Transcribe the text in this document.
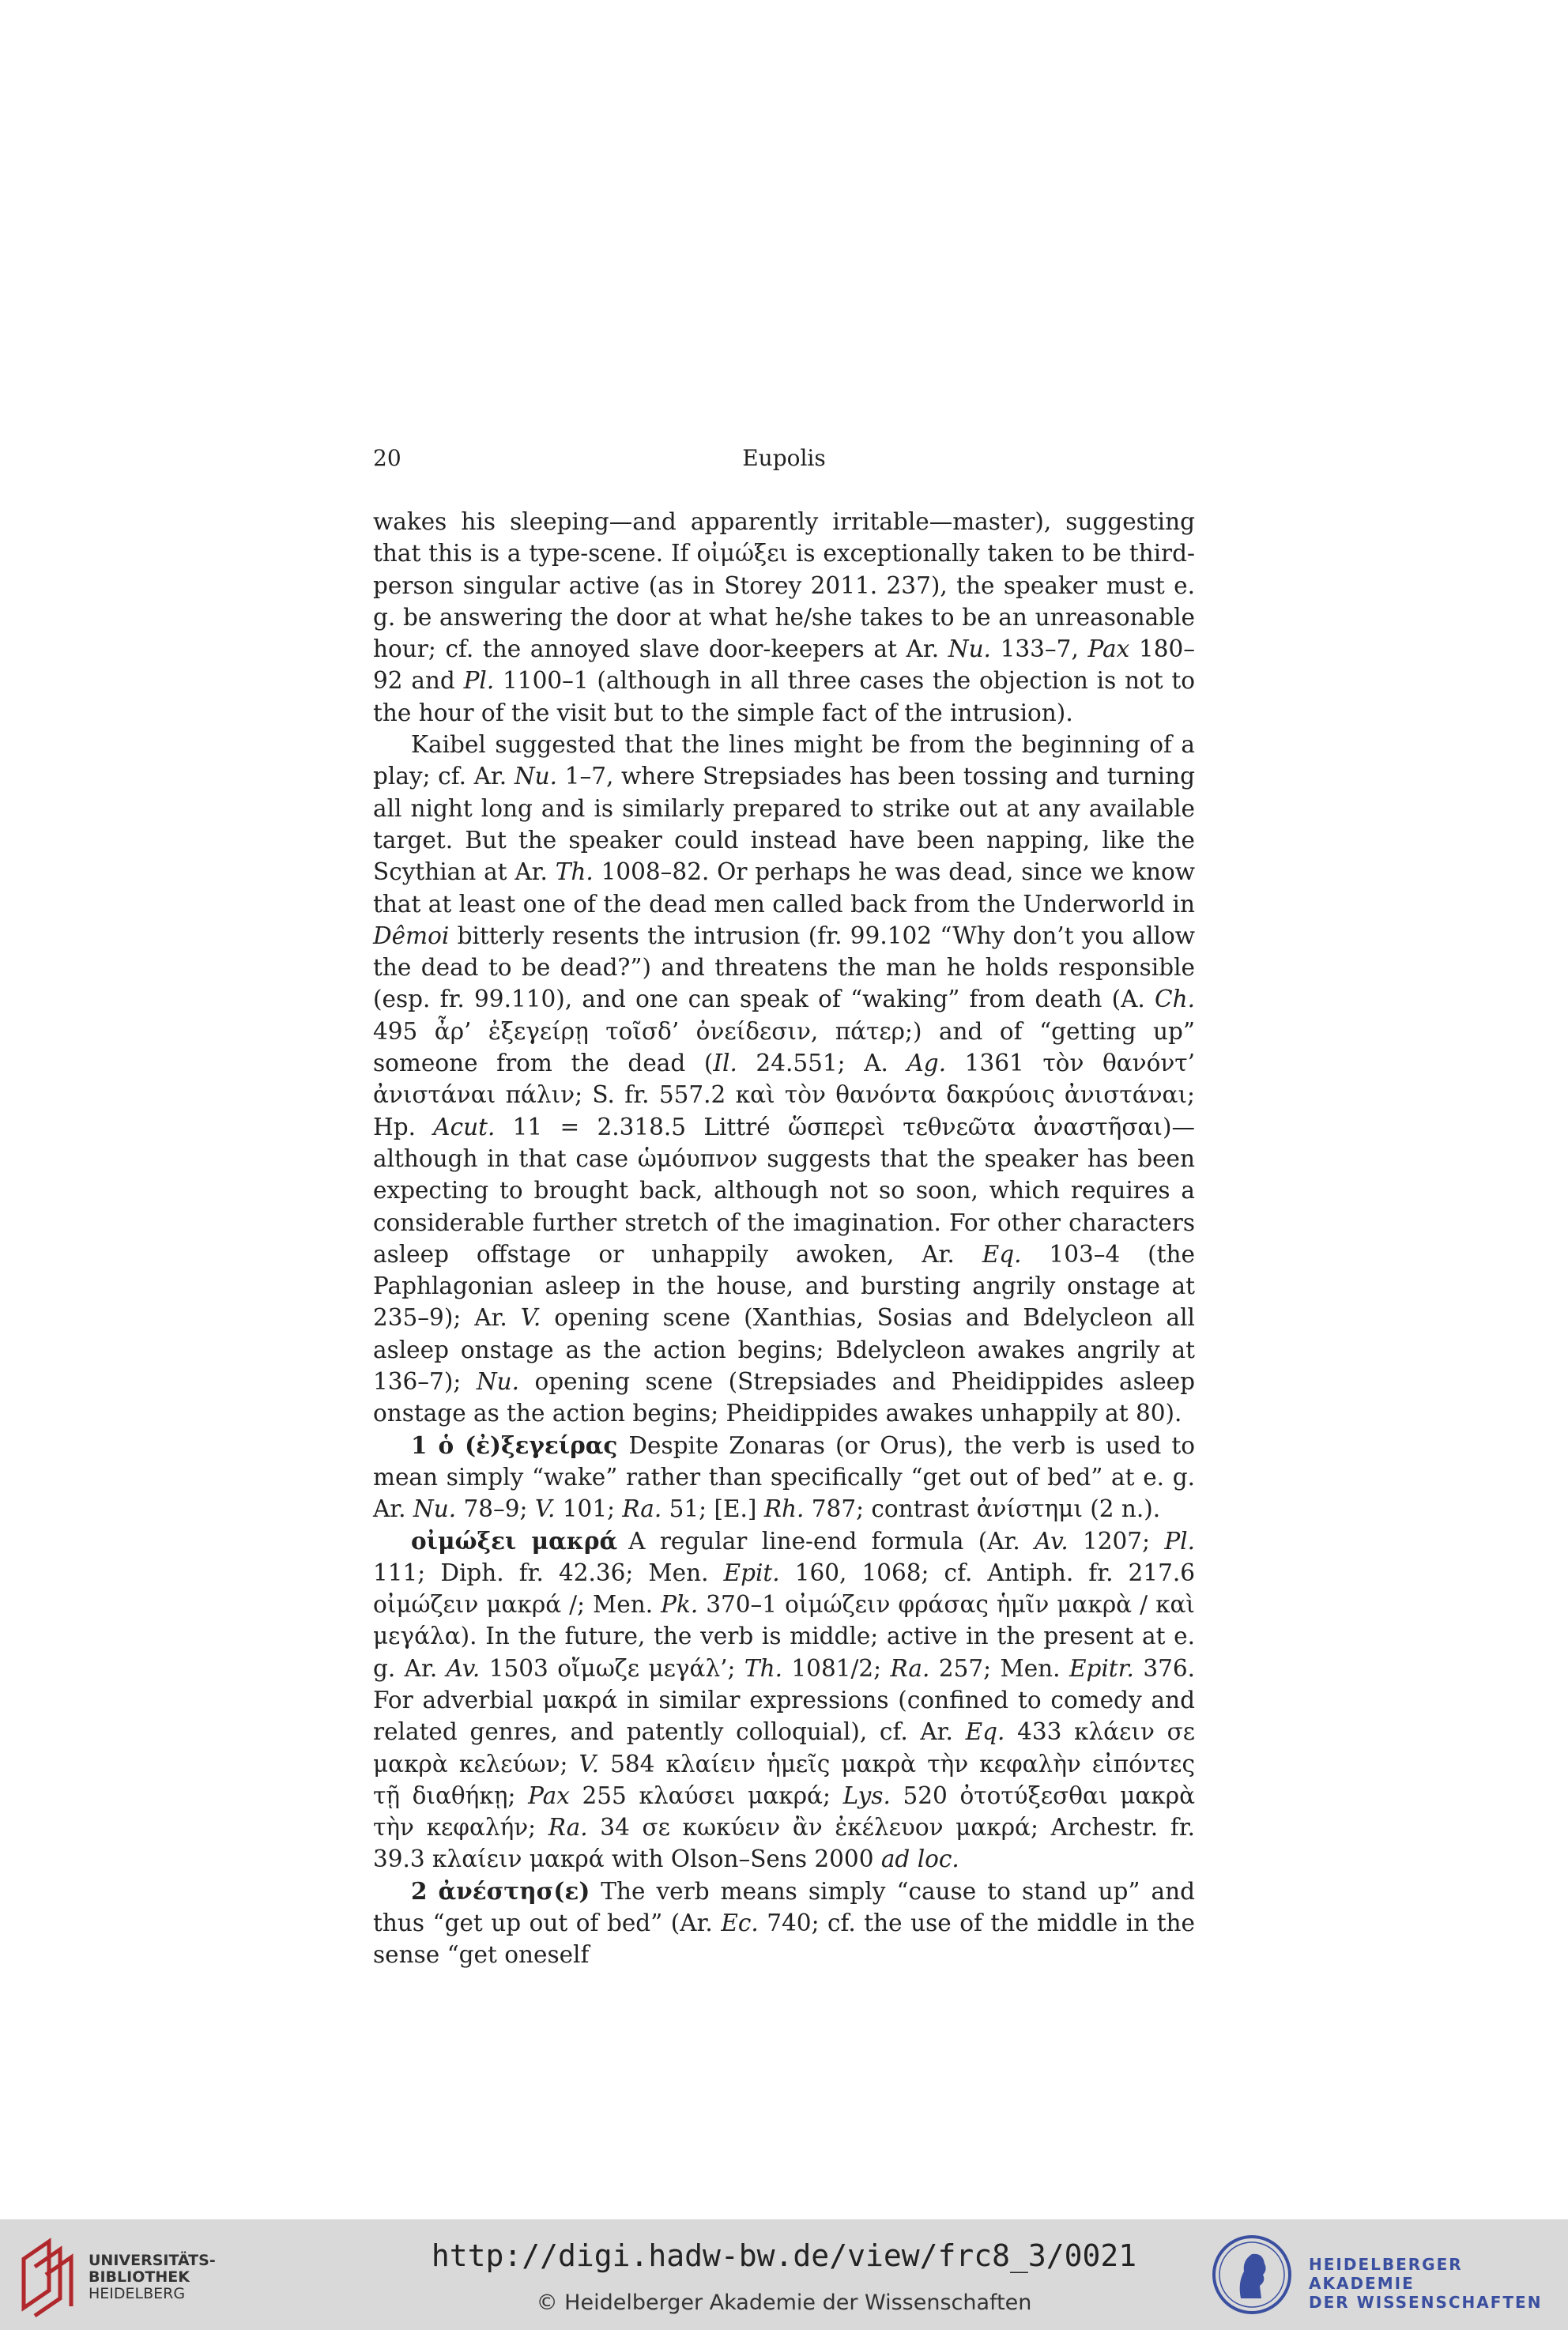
20	Eupolis

wakes his sleeping—and apparently irritable—master), suggesting that this is a type-scene. If οἰμώξει is exceptionally taken to be third-person singular active (as in Storey 2011. 237), the speaker must e. g. be answering the door at what he/she takes to be an unreasonable hour; cf. the annoyed slave door-keepers at Ar. Nu. 133–7, Pax 180–92 and Pl. 1100–1 (although in all three cases the objection is not to the hour of the visit but to the simple fact of the intrusion).

Kaibel suggested that the lines might be from the beginning of a play; cf. Ar. Nu. 1–7, where Strepsiades has been tossing and turning all night long and is similarly prepared to strike out at any available target. But the speaker could instead have been napping, like the Scythian at Ar. Th. 1008–82. Or perhaps he was dead, since we know that at least one of the dead men called back from the Underworld in Dêmoi bitterly resents the intrusion (fr. 99.102 “Why don’t you allow the dead to be dead?”) and threatens the man he holds responsible (esp. fr. 99.110), and one can speak of “waking” from death (A. Ch. 495 ἆρ’ ἐξεγείρῃ τοῖσδ’ ὀνείδεσιν, πάτερ;) and of “getting up” someone from the dead (Il. 24.551; A. Ag. 1361 τὸν θανόντ’ ἀνιστάναι πάλιν; S. fr. 557.2 καὶ τὸν θανόντα δακρύοις ἀνιστάναι; Hp. Acut. 11 = 2.318.5 Littré ὥσπερεὶ τεθνεῶτα ἀναστῆσαι)—although in that case ὡμόυπνον suggests that the speaker has been expecting to brought back, although not so soon, which requires a considerable further stretch of the imagination. For other characters asleep offstage or unhappily awoken, Ar. Eq. 103–4 (the Paphlagonian asleep in the house, and bursting angrily onstage at 235–9); Ar. V. opening scene (Xanthias, Sosias and Bdelycleon all asleep onstage as the action begins; Bdelycleon awakes angrily at 136–7); Nu. opening scene (Strepsiades and Pheidippides asleep onstage as the action begins; Pheidippides awakes unhappily at 80).

1 ὁ (ἐ)ξεγείρας Despite Zonaras (or Orus), the verb is used to mean simply “wake” rather than specifically “get out of bed” at e. g. Ar. Nu. 78–9; V. 101; Ra. 51; [E.] Rh. 787; contrast ἀνίστημι (2 n.).

οἰμώξει μακρά A regular line-end formula (Ar. Av. 1207; Pl. 111; Diph. fr. 42.36; Men. Epit. 160, 1068; cf. Antiph. fr. 217.6 οἰμώζειν μακρά /; Men. Pk. 370–1 οἰμώζειν φράσας ἡμῖν μακρὰ / καὶ μεγάλα). In the future, the verb is middle; active in the present at e. g. Ar. Av. 1503 οἴμωζε μεγάλ’; Th. 1081/2; Ra. 257; Men. Epitr. 376. For adverbial μακρά in similar expressions (confined to comedy and related genres, and patently colloquial), cf. Ar. Eq. 433 κλάειν σε μακρὰ κελεύων; V. 584 κλαίειν ἡμεῖς μακρὰ τὴν κεφαλὴν εἰπόντες τῇ διαθήκῃ; Pax 255 κλαύσει μακρά; Lys. 520 ὀτοτύξεσθαι μακρὰ τὴν κεφαλήν; Ra. 34 σε κωκύειν ἂν ἐκέλευον μακρά; Archestr. fr. 39.3 κλαίειν μακρά with Olson–Sens 2000 ad loc.

2 ἀνέστησ(ε) The verb means simply “cause to stand up” and thus “get up out of bed” (Ar. Ec. 740; cf. the use of the middle in the sense “get oneself

UNIVERSITÄTS-
BIBLIOTHEK
HEIDELBERG
http://digi.hadw-bw.de/view/frc8_3/0021
© Heidelberger Akademie der Wissenschaften
HEIDELBERGER AKADEMIE
DER WISSENSCHAFTEN
